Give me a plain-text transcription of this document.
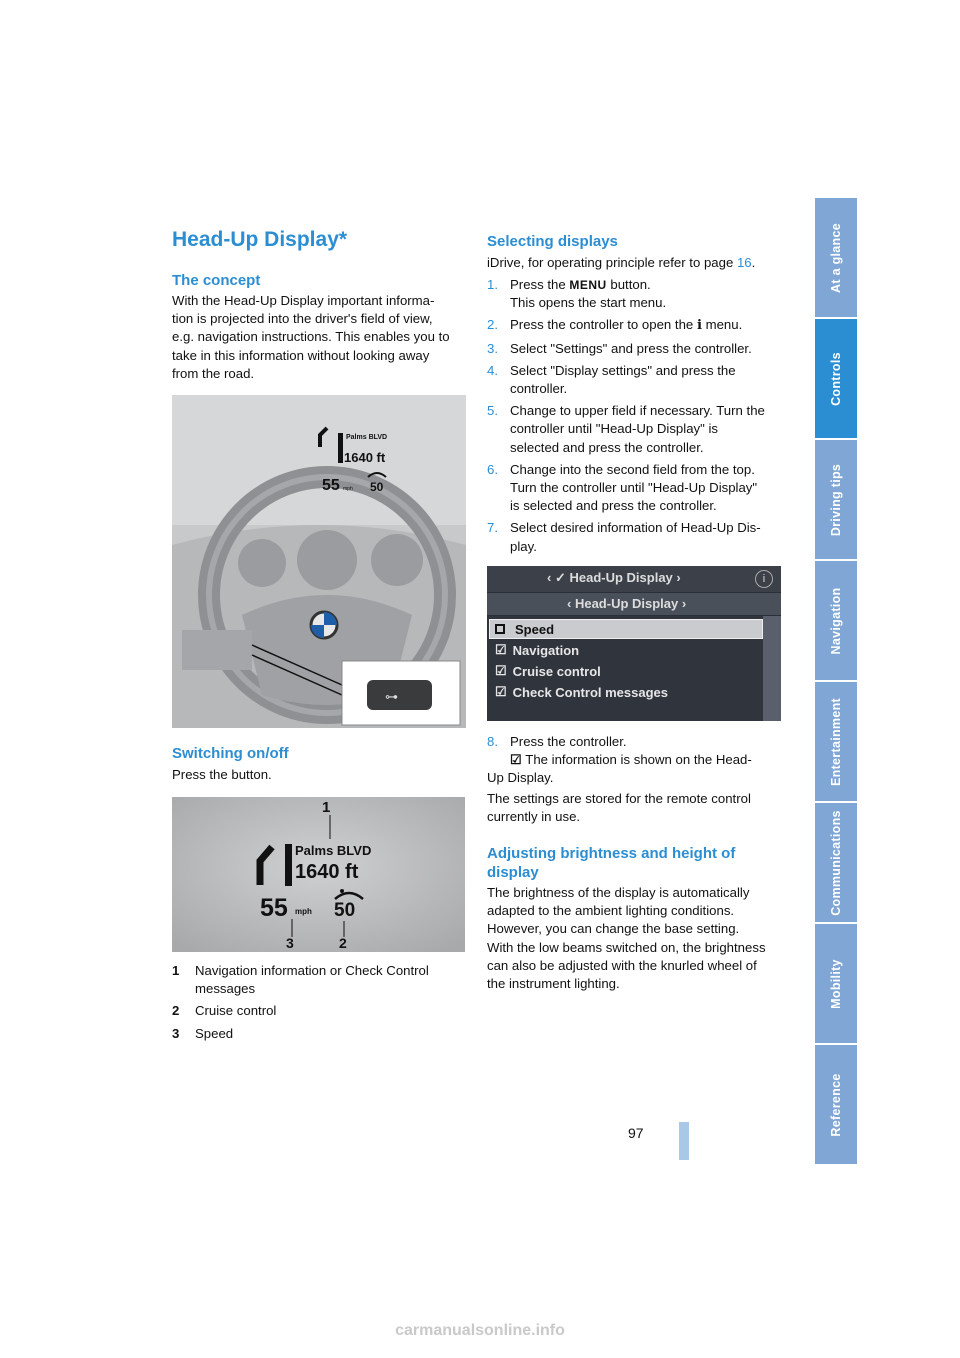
Head-Up Display*
The concept
With the Head-Up Display important informa-
tion is projected into the driver's field of view,
e.g. navigation instructions. This enables you to
take in this information without looking away
from the road.
Palms BLVD
1640 ft
55 mph 50
⊶
Switching on/off
Press the button.
1
Palms BLVD
1640 ft
55 mph 50
3	2
1	Navigation information or Check Control
messages
2	Cruise control
3	Speed
Selecting displays
iDrive, for operating principle refer to page 16.
1. Press the MENU button.
This opens the start menu.
2. Press the controller to open the i menu.
3. Select "Settings" and press the controller.
4. Select "Display settings" and press the
controller.
5. Change to upper field if necessary. Turn the
controller until "Head-Up Display" is
selected and press the controller.
6. Change into the second field from the top.
Turn the controller until "Head-Up Display"
is selected and press the controller.
7. Select desired information of Head-Up Dis-
play.
‹ ✓ Head-Up Display ›	i
‹ Head-Up Display ›
Speed
☑ Navigation
☑ Cruise control
☑ Check Control messages
8. Press the controller.
☑ The information is shown on the Head-
Up Display.
The settings are stored for the remote control
currently in use.
Adjusting brightness and height of
display
The brightness of the display is automatically
adapted to the ambient lighting conditions.
However, you can change the base setting.
With the low beams switched on, the brightness
can also be adjusted with the knurled wheel of
the instrument lighting.
At a glance
Controls
Driving tips
Navigation
Entertainment
Communications
Mobility
Reference
97
carmanualsonline.info
